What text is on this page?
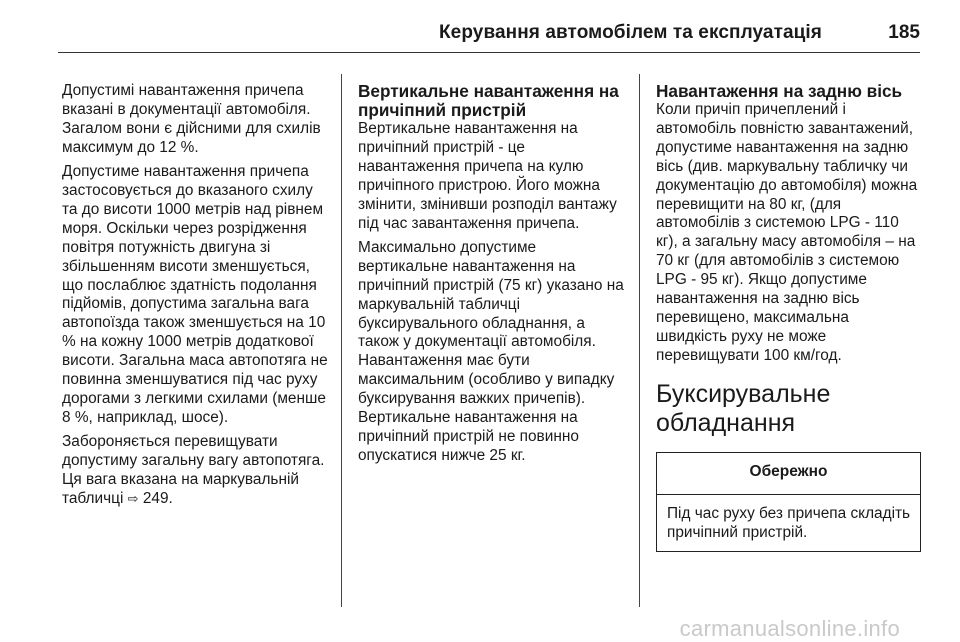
Керування автомобілем та експлуатація	185

Допустимі навантаження причепа вказані в документації автомобіля. Загалом вони є дійсними для схилів максимум до 12 %.

Допустиме навантаження причепа застосовується до вказаного схилу та до висоти 1000 метрів над рівнем моря. Оскільки через розрідження повітря потужність двигуна зі збільшенням висоти зменшується, що послаблює здатність подолання підйомів, допустима загальна вага автопоїзда також зменшується на 10 % на кожну 1000 метрів додаткової висоти. Загальна маса автопотяга не повинна зменшуватися під час руху дорогами з легкими схилами (менше 8 %, наприклад, шосе).

Забороняється перевищувати допустиму загальну вагу автопотяга. Ця вага вказана на маркувальній табличці ⇨ 249.

Вертикальне навантаження на причіпний пристрій

Вертикальне навантаження на причіпний пристрій - це навантаження причепа на кулю причіпного пристрою. Його можна змінити, змінивши розподіл вантажу під час завантаження причепа.

Максимально допустиме вертикальне навантаження на причіпний пристрій (75 кг) указано на маркувальній табличці буксирувального обладнання, а також у документації автомобіля. Навантаження має бути максимальним (особливо у випадку буксирування важких причепів). Вертикальне навантаження на причіпний пристрій не повинно опускатися нижче 25 кг.

Навантаження на задню вісь

Коли причіп причеплений і автомобіль повністю завантажений, допустиме навантаження на задню вісь (див. маркувальну табличку чи документацію до автомобіля) можна перевищити на 80 кг, (для автомобілів з системою LPG - 110 кг), а загальну масу автомобіля – на 70 кг (для автомобілів з системою LPG - 95 кг). Якщо допустиме навантаження на задню вісь перевищено, максимальна швидкість руху не може перевищувати 100 км/год.

Буксирувальне обладнання
Обережно
Під час руху без причепа складіть причіпний пристрій.
carmanualsonline.info
